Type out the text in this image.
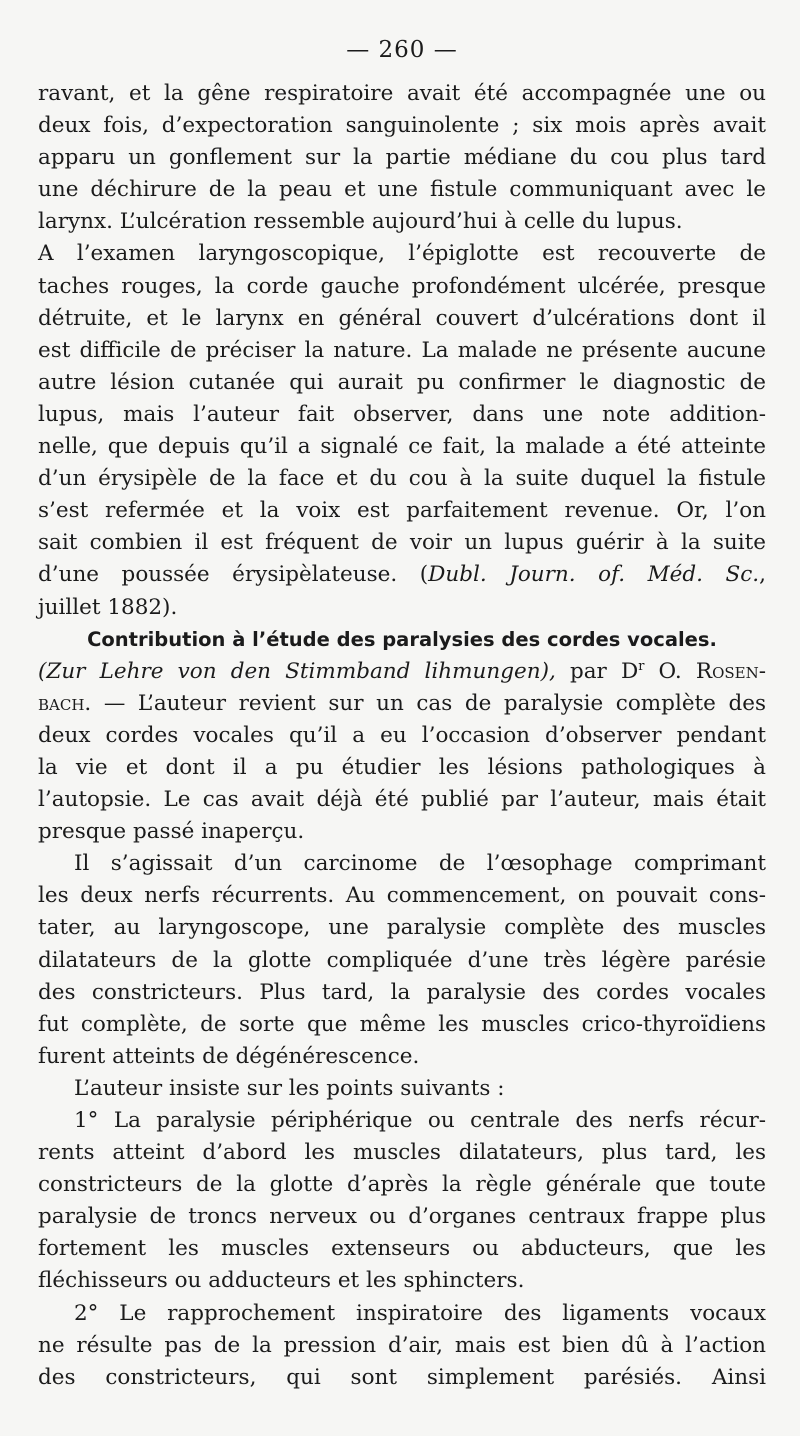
— 260 —

ravant, et la gêne respiratoire avait été accompagnée une ou
deux fois, d’expectoration sanguinolente ; six mois après avait
apparu un gonflement sur la partie médiane du cou plus tard
une déchirure de la peau et une fistule communiquant avec le
larynx. L’ulcération ressemble aujourd’hui à celle du lupus.
A l’examen laryngoscopique, l’épiglotte est recouverte de
taches rouges, la corde gauche profondément ulcérée, presque
détruite, et le larynx en général couvert d’ulcérations dont il
est difficile de préciser la nature. La malade ne présente aucune
autre lésion cutanée qui aurait pu confirmer le diagnostic de
lupus, mais l’auteur fait observer, dans une note addition-
nelle, que depuis qu’il a signalé ce fait, la malade a été atteinte
d’un érysipèle de la face et du cou à la suite duquel la fistule
s’est refermée et la voix est parfaitement revenue. Or, l’on
sait combien il est fréquent de voir un lupus guérir à la suite
d’une poussée érysipèlateuse. (Dubl. Journ. of. Méd. Sc.,
juillet 1882).

Contribution à l’étude des paralysies des cordes vocales.

(Zur Lehre von den Stimmband lihmungen), par $D^r$ O. Rosen-
bach. — L’auteur revient sur un cas de paralysie complète des
deux cordes vocales qu’il a eu l’occasion d’observer pendant
la vie et dont il a pu étudier les lésions pathologiques à
l’autopsie. Le cas avait déjà été publié par l’auteur, mais était
presque passé inaperçu.

Il s’agissait d’un carcinome de l’œsophage comprimant
les deux nerfs récurrents. Au commencement, on pouvait cons-
tater, au laryngoscope, une paralysie complète des muscles
dilatateurs de la glotte compliquée d’une très légère parésie
des constricteurs. Plus tard, la paralysie des cordes vocales
fut complète, de sorte que même les muscles crico-thyroïdiens
furent atteints de dégénérescence.

L’auteur insiste sur les points suivants :

1° La paralysie périphérique ou centrale des nerfs récur-
rents atteint d’abord les muscles dilatateurs, plus tard, les
constricteurs de la glotte d’après la règle générale que toute
paralysie de troncs nerveux ou d’organes centraux frappe plus
fortement les muscles extenseurs ou abducteurs, que les
fléchisseurs ou adducteurs et les sphincters.

2° Le rapprochement inspiratoire des ligaments vocaux
ne résulte pas de la pression d’air, mais est bien dû à l’action
des constricteurs, qui sont simplement parésiés. Ainsi
